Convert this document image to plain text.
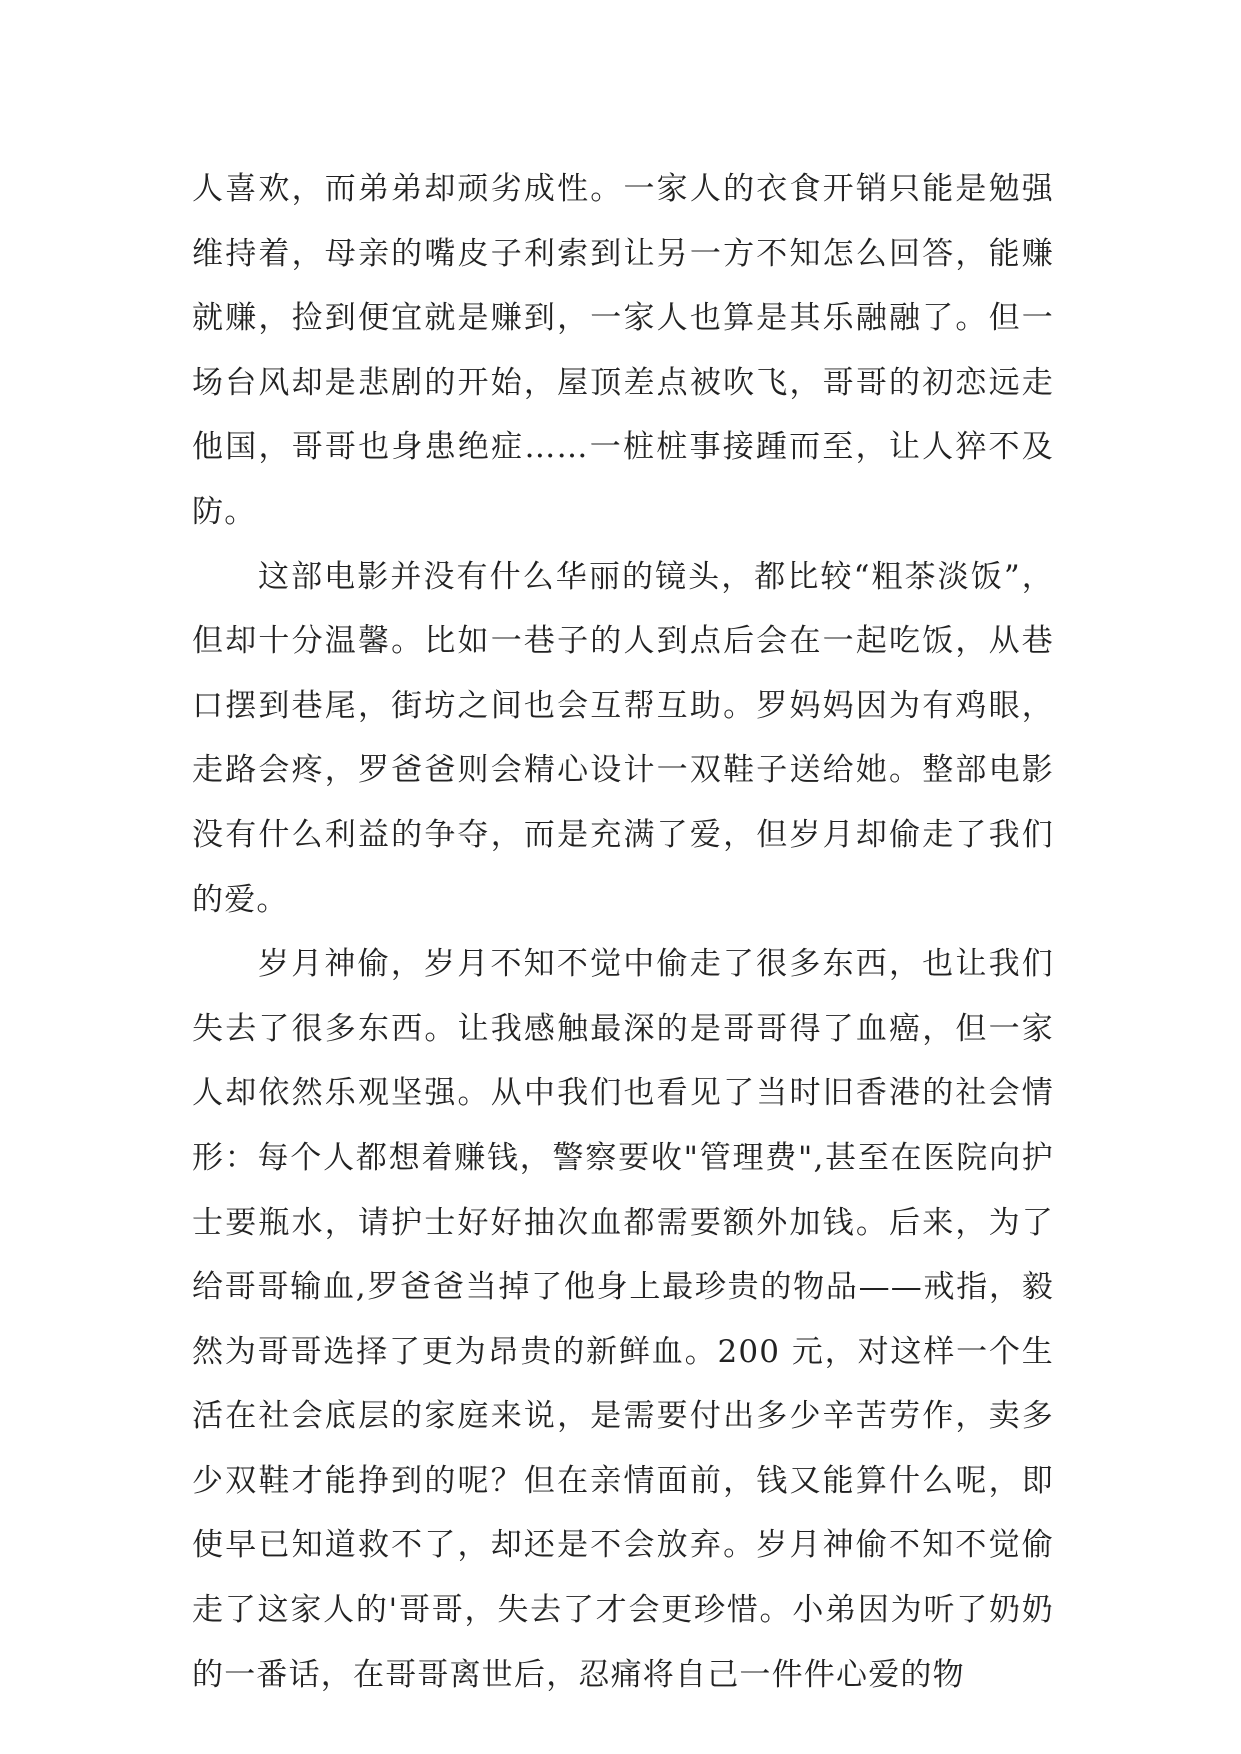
人喜欢，而弟弟却顽劣成性。一家人的衣食开销只能是勉强维持着，母亲的嘴皮子利索到让另一方不知怎么回答，能赚就赚，捡到便宜就是赚到，一家人也算是其乐融融了。但一场台风却是悲剧的开始，屋顶差点被吹飞，哥哥的初恋远走他国，哥哥也身患绝症……一桩桩事接踵而至，让人猝不及防。

这部电影并没有什么华丽的镜头，都比较“粗茶淡饭”，但却十分温馨。比如一巷子的人到点后会在一起吃饭，从巷口摆到巷尾，街坊之间也会互帮互助。罗妈妈因为有鸡眼，走路会疼，罗爸爸则会精心设计一双鞋子送给她。整部电影没有什么利益的争夺，而是充满了爱，但岁月却偷走了我们的爱。

岁月神偷，岁月不知不觉中偷走了很多东西，也让我们失去了很多东西。让我感触最深的是哥哥得了血癌，但一家人却依然乐观坚强。从中我们也看见了当时旧香港的社会情形：每个人都想着赚钱，警察要收"管理费",甚至在医院向护士要瓶水，请护士好好抽次血都需要额外加钱。后来，为了给哥哥输血,罗爸爸当掉了他身上最珍贵的物品——戒指，毅然为哥哥选择了更为昂贵的新鲜血。200 元，对这样一个生活在社会底层的家庭来说，是需要付出多少辛苦劳作，卖多少双鞋才能挣到的呢？但在亲情面前，钱又能算什么呢，即使早已知道救不了，却还是不会放弃。岁月神偷不知不觉偷走了这家人的'哥哥，失去了才会更珍惜。小弟因为听了奶奶的一番话，在哥哥离世后，忍痛将自己一件件心爱的物
